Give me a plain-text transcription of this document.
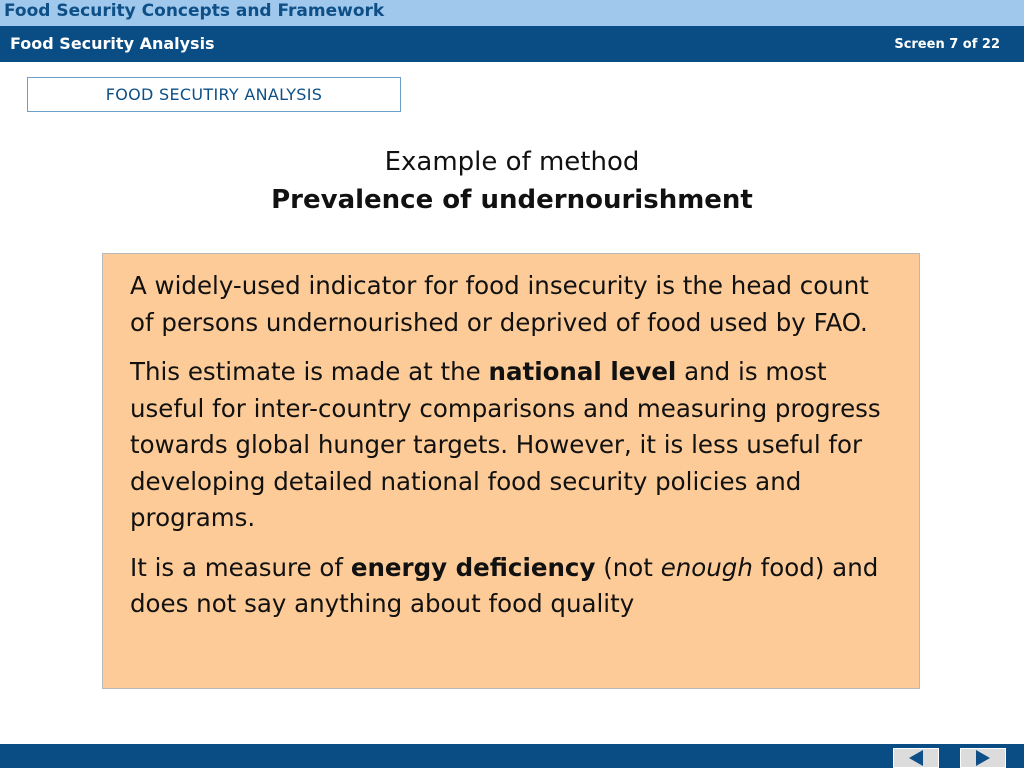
Food Security Concepts and Framework
Food Security Analysis	Screen 7 of 22
FOOD SECUTIRY ANALYSIS
Example of method
Prevalence of undernourishment

A widely-used indicator for food insecurity is the head count of persons undernourished or deprived of food used by FAO.

This estimate is made at the national level and is most useful for inter-country comparisons and measuring progress towards global hunger targets. However, it is less useful for developing detailed national food security policies and programs.

It is a measure of energy deficiency (not enough food) and does not say anything about food quality
